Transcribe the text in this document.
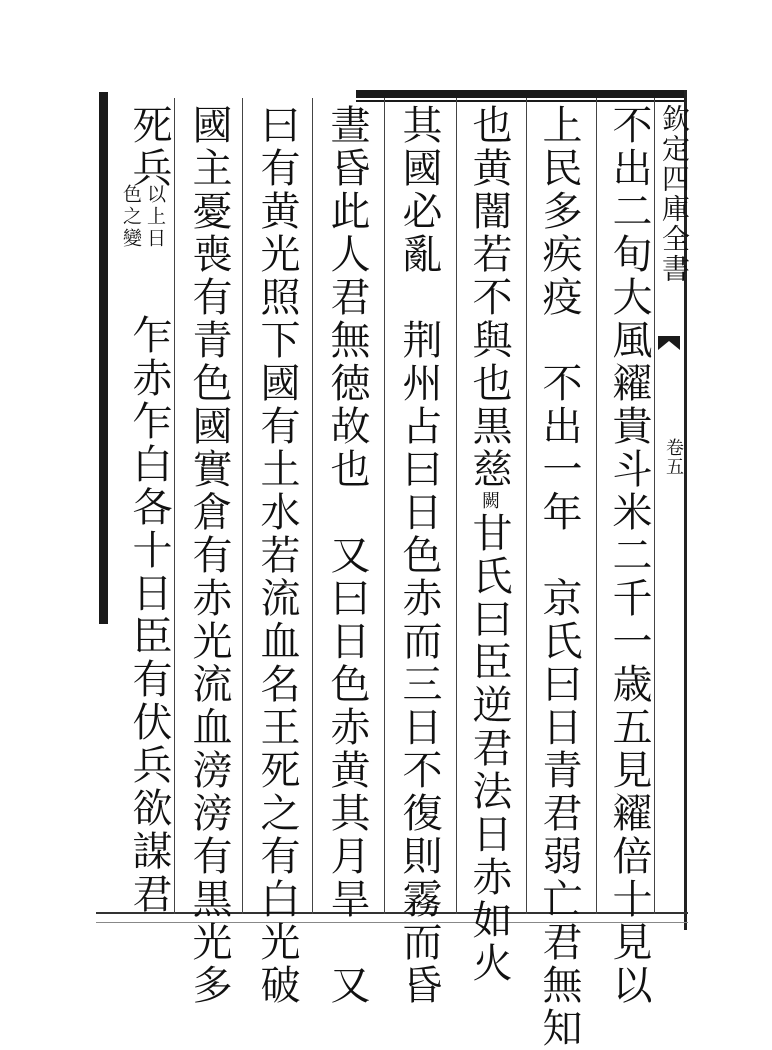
欽定四庫全書
卷五
不出二旬大風糴貴斗米二千一歳五見糴倍十見以
上民多疾疫　不出一年　京氏曰日青君弱亡君無知
也黄闇若不與也黒慈闕甘氏曰臣逆君法日赤如火
其國必亂　荆州占曰日色赤而三日不復則霧而昏
晝昏此人君無徳故也　又曰日色赤黄其月旱　又
曰有黄光照下國有土水若流血名王死之有白光破
國主憂喪有青色國實倉有赤光流血滂滂有黒光多
死兵
以上日
色之變
乍赤乍白各十日臣有伏兵欲謀君
